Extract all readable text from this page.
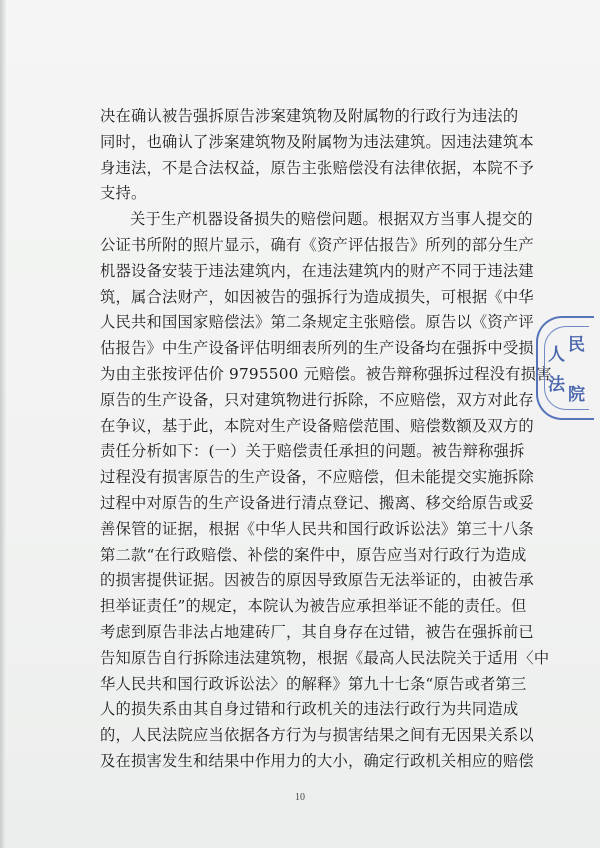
决在确认被告强拆原告涉案建筑物及附属物的行政行为违法的
同时，也确认了涉案建筑物及附属物为违法建筑。因违法建筑本
身违法，不是合法权益，原告主张赔偿没有法律依据，本院不予
支持。

关于生产机器设备损失的赔偿问题。根据双方当事人提交的
公证书所附的照片显示，确有《资产评估报告》所列的部分生产
机器设备安装于违法建筑内，在违法建筑内的财产不同于违法建
筑，属合法财产，如因被告的强拆行为造成损失，可根据《中华
人民共和国国家赔偿法》第二条规定主张赔偿。原告以《资产评
估报告》中生产设备评估明细表所列的生产设备均在强拆中受损
为由主张按评估价 9795500 元赔偿。被告辩称强拆过程没有损害
原告的生产设备，只对建筑物进行拆除，不应赔偿，双方对此存
在争议，基于此，本院对生产设备赔偿范围、赔偿数额及双方的
责任分析如下：(一）关于赔偿责任承担的问题。被告辩称强拆
过程没有损害原告的生产设备，不应赔偿，但未能提交实施拆除
过程中对原告的生产设备进行清点登记、搬离、移交给原告或妥
善保管的证据，根据《中华人民共和国行政诉讼法》第三十八条
第二款“在行政赔偿、补偿的案件中，原告应当对行政行为造成
的损害提供证据。因被告的原因导致原告无法举证的，由被告承
担举证责任”的规定，本院认为被告应承担举证不能的责任。但
考虑到原告非法占地建砖厂，其自身存在过错，被告在强拆前已
告知原告自行拆除违法建筑物，根据《最高人民法院关于适用〈中
华人民共和国行政诉讼法〉的解释》第九十七条“原告或者第三
人的损失系由其自身过错和行政机关的违法行政行为共同造成
的，人民法院应当依据各方行为与损害结果之间有无因果关系以
及在损害发生和结果中作用力的大小，确定行政机关相应的赔偿

人 民
法 院
10
